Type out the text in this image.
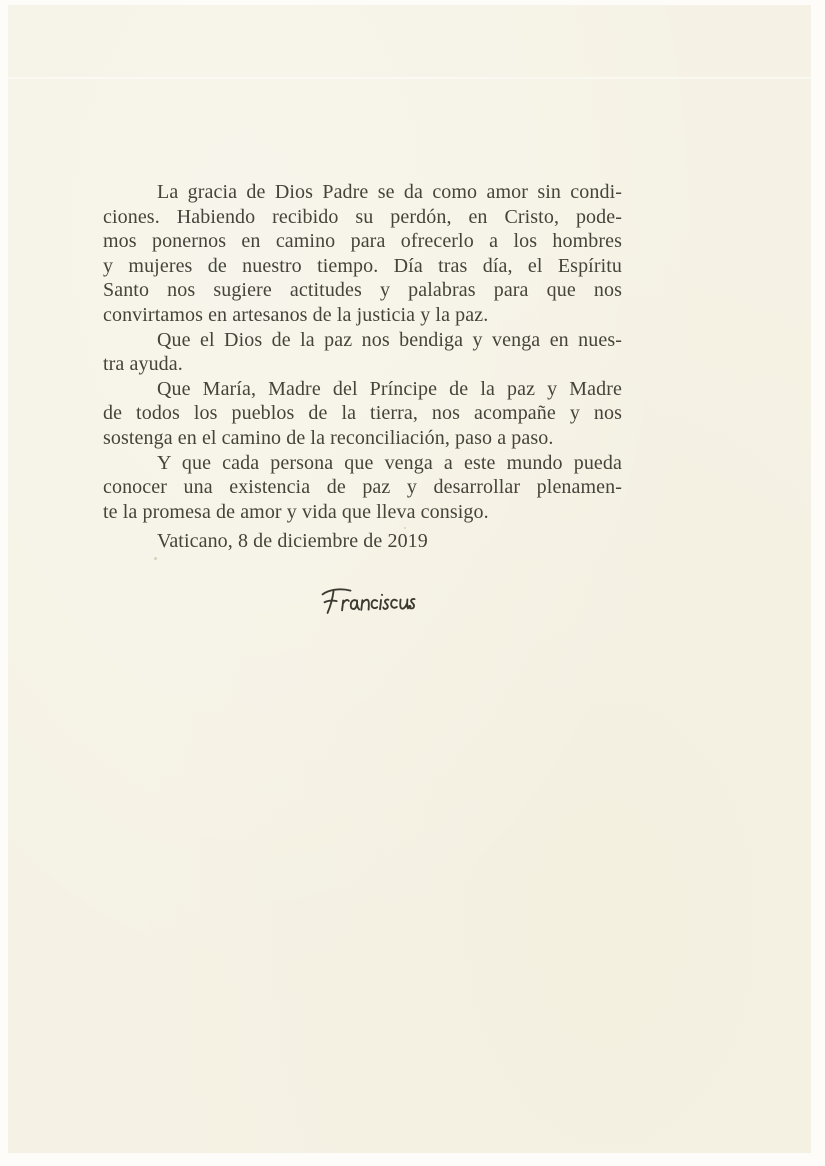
La gracia de Dios Padre se da como amor sin condi-
ciones. Habiendo recibido su perdón, en Cristo, pode-
mos ponernos en camino para ofrecerlo a los hombres
y mujeres de nuestro tiempo. Día tras día, el Espíritu
Santo nos sugiere actitudes y palabras para que nos
convirtamos en artesanos de la justicia y la paz.
Que el Dios de la paz nos bendiga y venga en nues-
tra ayuda.
Que María, Madre del Príncipe de la paz y Madre
de todos los pueblos de la tierra, nos acompañe y nos
sostenga en el camino de la reconciliación, paso a paso.
Y que cada persona que venga a este mundo pueda
conocer una existencia de paz y desarrollar plenamen-
te la promesa de amor y vida que lleva consigo.
Vaticano, 8 de diciembre de 2019
